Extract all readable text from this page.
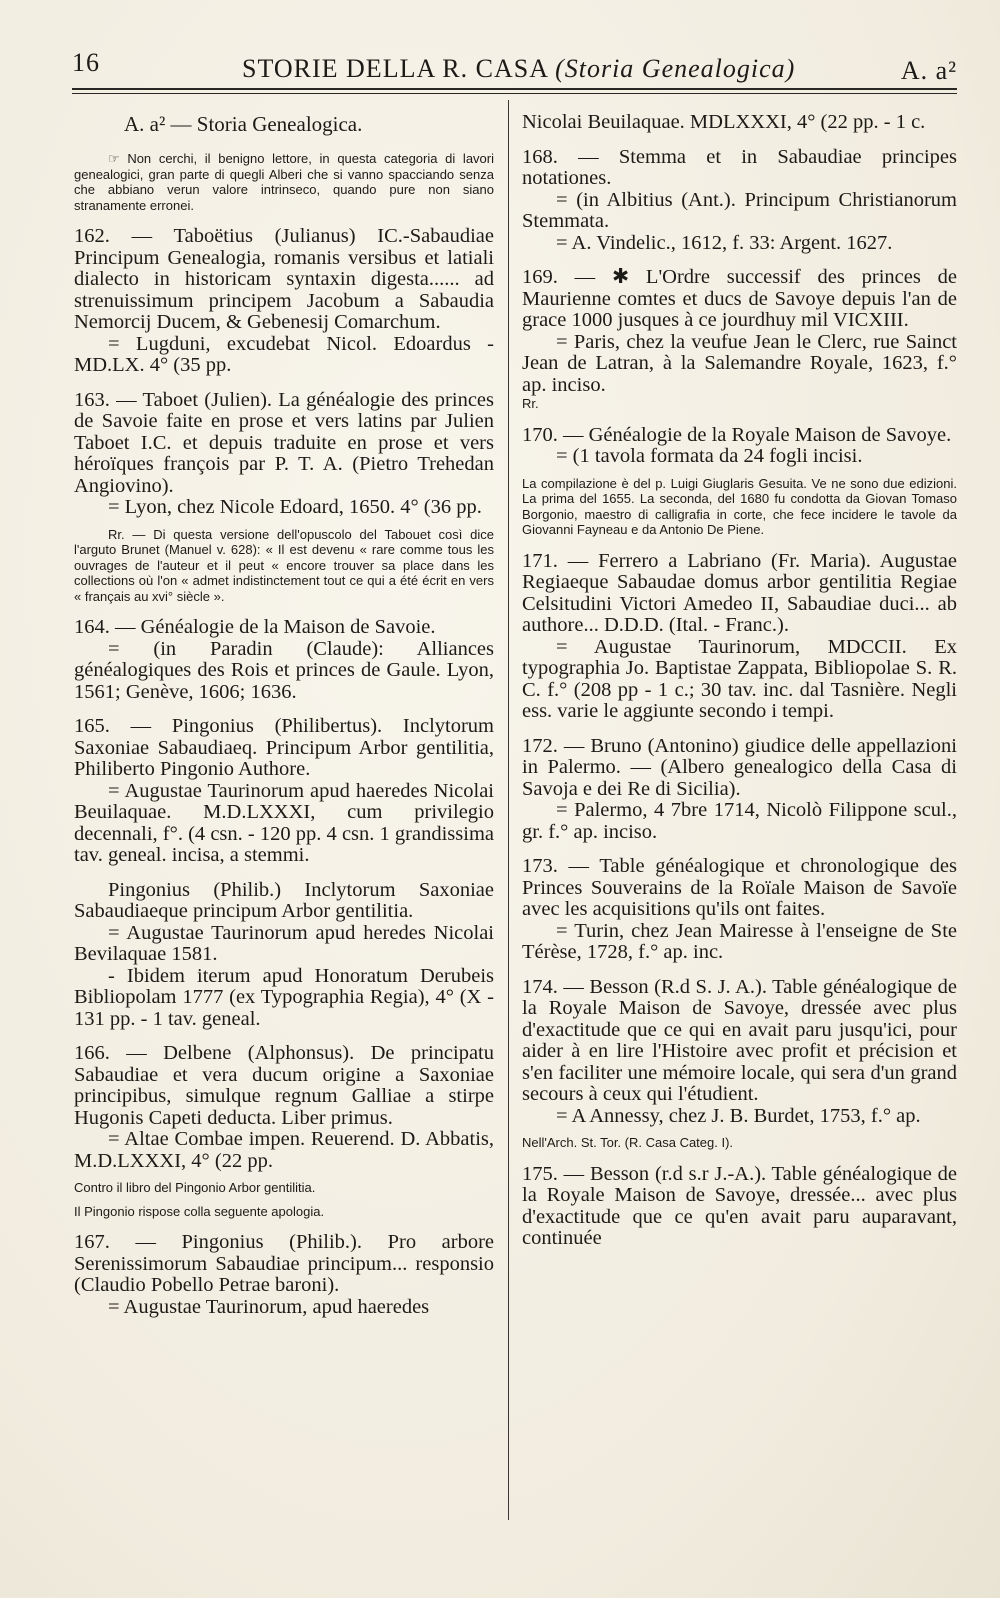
16	STORIE DELLA R. CASA (Storia Genealogica)	A. a²

A. a² — Storia Genealogica.

☞ Non cerchi, il benigno lettore, in questa categoria di lavori genealogici, gran parte di quegli Alberi che si vanno spacciando senza che abbiano verun valore intrinseco, quando pure non siano stranamente erronei.

162. — Taboëtius (Julianus) IC.-Sabaudiae Principum Genealogia, romanis versibus et latiali dialecto in historicam syntaxin digesta...... ad strenuissimum principem Jacobum a Sabaudia Nemorcij Ducem, & Gebenesij Comarchum.

= Lugduni, excudebat Nicol. Edoardus - MD.LX. 4° (35 pp.

163. — Taboet (Julien). La généalogie des princes de Savoie faite en prose et vers latins par Julien Taboet I.C. et depuis traduite en prose et vers héroïques françois par P. T. A. (Pietro Trehedan Angiovino).

= Lyon, chez Nicole Edoard, 1650. 4° (36 pp.

Rr. — Di questa versione dell'opuscolo del Tabouet così dice l'arguto Brunet (Manuel v. 628): « Il est devenu « rare comme tous les ouvrages de l'auteur et il peut « encore trouver sa place dans les collections où l'on « admet indistinctement tout ce qui a été écrit en vers « français au xvi° siècle ».

164. — Généalogie de la Maison de Savoie.

= (in Paradin (Claude): Alliances généalogiques des Rois et princes de Gaule. Lyon, 1561; Genève, 1606; 1636.

165. — Pingonius (Philibertus). Inclytorum Saxoniae Sabaudiaeq. Principum Arbor gentilitia, Philiberto Pingonio Authore.

= Augustae Taurinorum apud haeredes Nicolai Beuilaquae. M.D.LXXXI, cum privilegio decennali, f°. (4 csn. - 120 pp. 4 csn. 1 grandissima tav. geneal. incisa, a stemmi.

Pingonius (Philib.) Inclytorum Saxoniae Sabaudiaeque principum Arbor gentilitia.

= Augustae Taurinorum apud heredes Nicolai Bevilaquae 1581.

- Ibidem iterum apud Honoratum Derubeis Bibliopolam 1777 (ex Typographia Regia), 4° (X - 131 pp. - 1 tav. geneal.

166. — Delbene (Alphonsus). De principatu Sabaudiae et vera ducum origine a Saxoniae principibus, simulque regnum Galliae a stirpe Hugonis Capeti deducta. Liber primus.

= Altae Combae impen. Reuerend. D. Abbatis, M.D.LXXXI, 4° (22 pp.

Contro il libro del Pingonio Arbor gentilitia.

Il Pingonio rispose colla seguente apologia.

167. — Pingonius (Philib.). Pro arbore Serenissimorum Sabaudiae principum... responsio (Claudio Pobello Petrae baroni).

= Augustae Taurinorum, apud haeredes

Nicolai Beuilaquae. MDLXXXI, 4° (22 pp. - 1 c.

168. — Stemma et in Sabaudiae principes notationes.

= (in Albitius (Ant.). Principum Christianorum Stemmata.

= A. Vindelic., 1612, f. 33: Argent. 1627.

169. — ✱ L'Ordre successif des princes de Maurienne comtes et ducs de Savoye depuis l'an de grace 1000 jusques à ce jourdhuy mil VICXIII.

= Paris, chez la veufue Jean le Clerc, rue Sainct Jean de Latran, à la Salemandre Royale, 1623, f.° ap. inciso.

Rr.

170. — Généalogie de la Royale Maison de Savoye.

= (1 tavola formata da 24 fogli incisi.

La compilazione è del p. Luigi Giuglaris Gesuita. Ve ne sono due edizioni. La prima del 1655. La seconda, del 1680 fu condotta da Giovan Tomaso Borgonio, maestro di calligrafia in corte, che fece incidere le tavole da Giovanni Fayneau e da Antonio De Piene.

171. — Ferrero a Labriano (Fr. Maria). Augustae Regiaeque Sabaudae domus arbor gentilitia Regiae Celsitudini Victori Amedeo II, Sabaudiae duci... ab authore... D.D.D. (Ital. - Franc.).

= Augustae Taurinorum, MDCCII. Ex typographia Jo. Baptistae Zappata, Bibliopolae S. R. C. f.° (208 pp - 1 c.; 30 tav. inc. dal Tasnière. Negli ess. varie le aggiunte secondo i tempi.

172. — Bruno (Antonino) giudice delle appellazioni in Palermo. — (Albero genealogico della Casa di Savoja e dei Re di Sicilia).

= Palermo, 4 7bre 1714, Nicolò Filippone scul., gr. f.° ap. inciso.

173. — Table généalogique et chronologique des Princes Souverains de la Roïale Maison de Savoïe avec les acquisitions qu'ils ont faites.

= Turin, chez Jean Mairesse à l'enseigne de Ste Térèse, 1728, f.° ap. inc.

174. — Besson (R.d S. J. A.). Table généalogique de la Royale Maison de Savoye, dressée avec plus d'exactitude que ce qui en avait paru jusqu'ici, pour aider à en lire l'Histoire avec profit et précision et s'en faciliter une mémoire locale, qui sera d'un grand secours à ceux qui l'étudient.

= A Annessy, chez J. B. Burdet, 1753, f.° ap.

Nell'Arch. St. Tor. (R. Casa Categ. I).

175. — Besson (r.d s.r J.-A.). Table généalogique de la Royale Maison de Savoye, dressée... avec plus d'exactitude que ce qu'en avait paru auparavant, continuée
